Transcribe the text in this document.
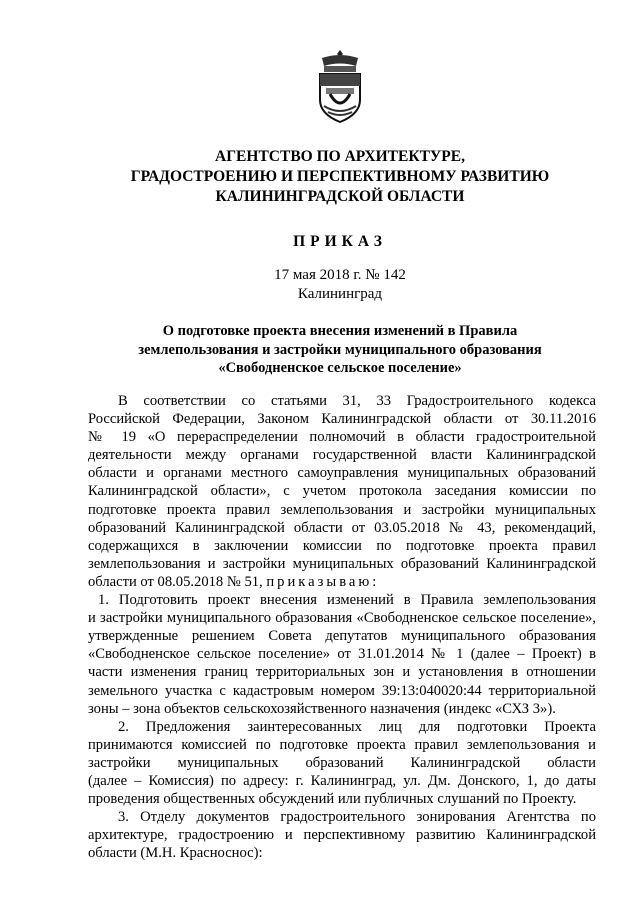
АГЕНТСТВО ПО АРХИТЕКТУРЕ,
ГРАДОСТРОЕНИЮ И ПЕРСПЕКТИВНОМУ РАЗВИТИЮ
КАЛИНИНГРАДСКОЙ ОБЛАСТИ
ПРИКАЗ
17 мая 2018 г. № 142
Калининград
О подготовке проекта внесения изменений в Правила
землепользования и застройки муниципального образования
«Свободненское сельское поселение»
В соответствии со статьями 31, 33 Градостроительного кодекса
Российской Федерации, Законом Калининградской области от 30.11.2016
№ 19 «О перераспределении полномочий в области градостроительной
деятельности между органами государственной власти Калининградской
области и органами местного самоуправления муниципальных образований
Калининградской области», с учетом протокола заседания комиссии по
подготовке проекта правил землепользования и застройки муниципальных
образований Калининградской области от 03.05.2018 № 43, рекомендаций,
содержащихся в заключении комиссии по подготовке проекта правил
землепользования и застройки муниципальных образований Калининградской
области от 08.05.2018 № 51, приказываю:
1. Подготовить проект внесения изменений в Правила землепользования
и застройки муниципального образования «Свободненское сельское поселение»,
утвержденные решением Совета депутатов муниципального образования
«Свободненское сельское поселение» от 31.01.2014 № 1 (далее – Проект) в
части изменения границ территориальных зон и установления в отношении
земельного участка с кадастровым номером 39:13:040020:44 территориальной
зоны – зона объектов сельскохозяйственного назначения (индекс «СХЗ 3»).
2. Предложения заинтересованных лиц для подготовки Проекта
принимаются комиссией по подготовке проекта правил землепользования и
застройки муниципальных образований Калининградской области
(далее – Комиссия) по адресу: г. Калининград, ул. Дм. Донского, 1, до даты
проведения общественных обсуждений или публичных слушаний по Проекту.
3. Отделу документов градостроительного зонирования Агентства по
архитектуре, градостроению и перспективному развитию Калининградской
области (М.Н. Красноснос):
